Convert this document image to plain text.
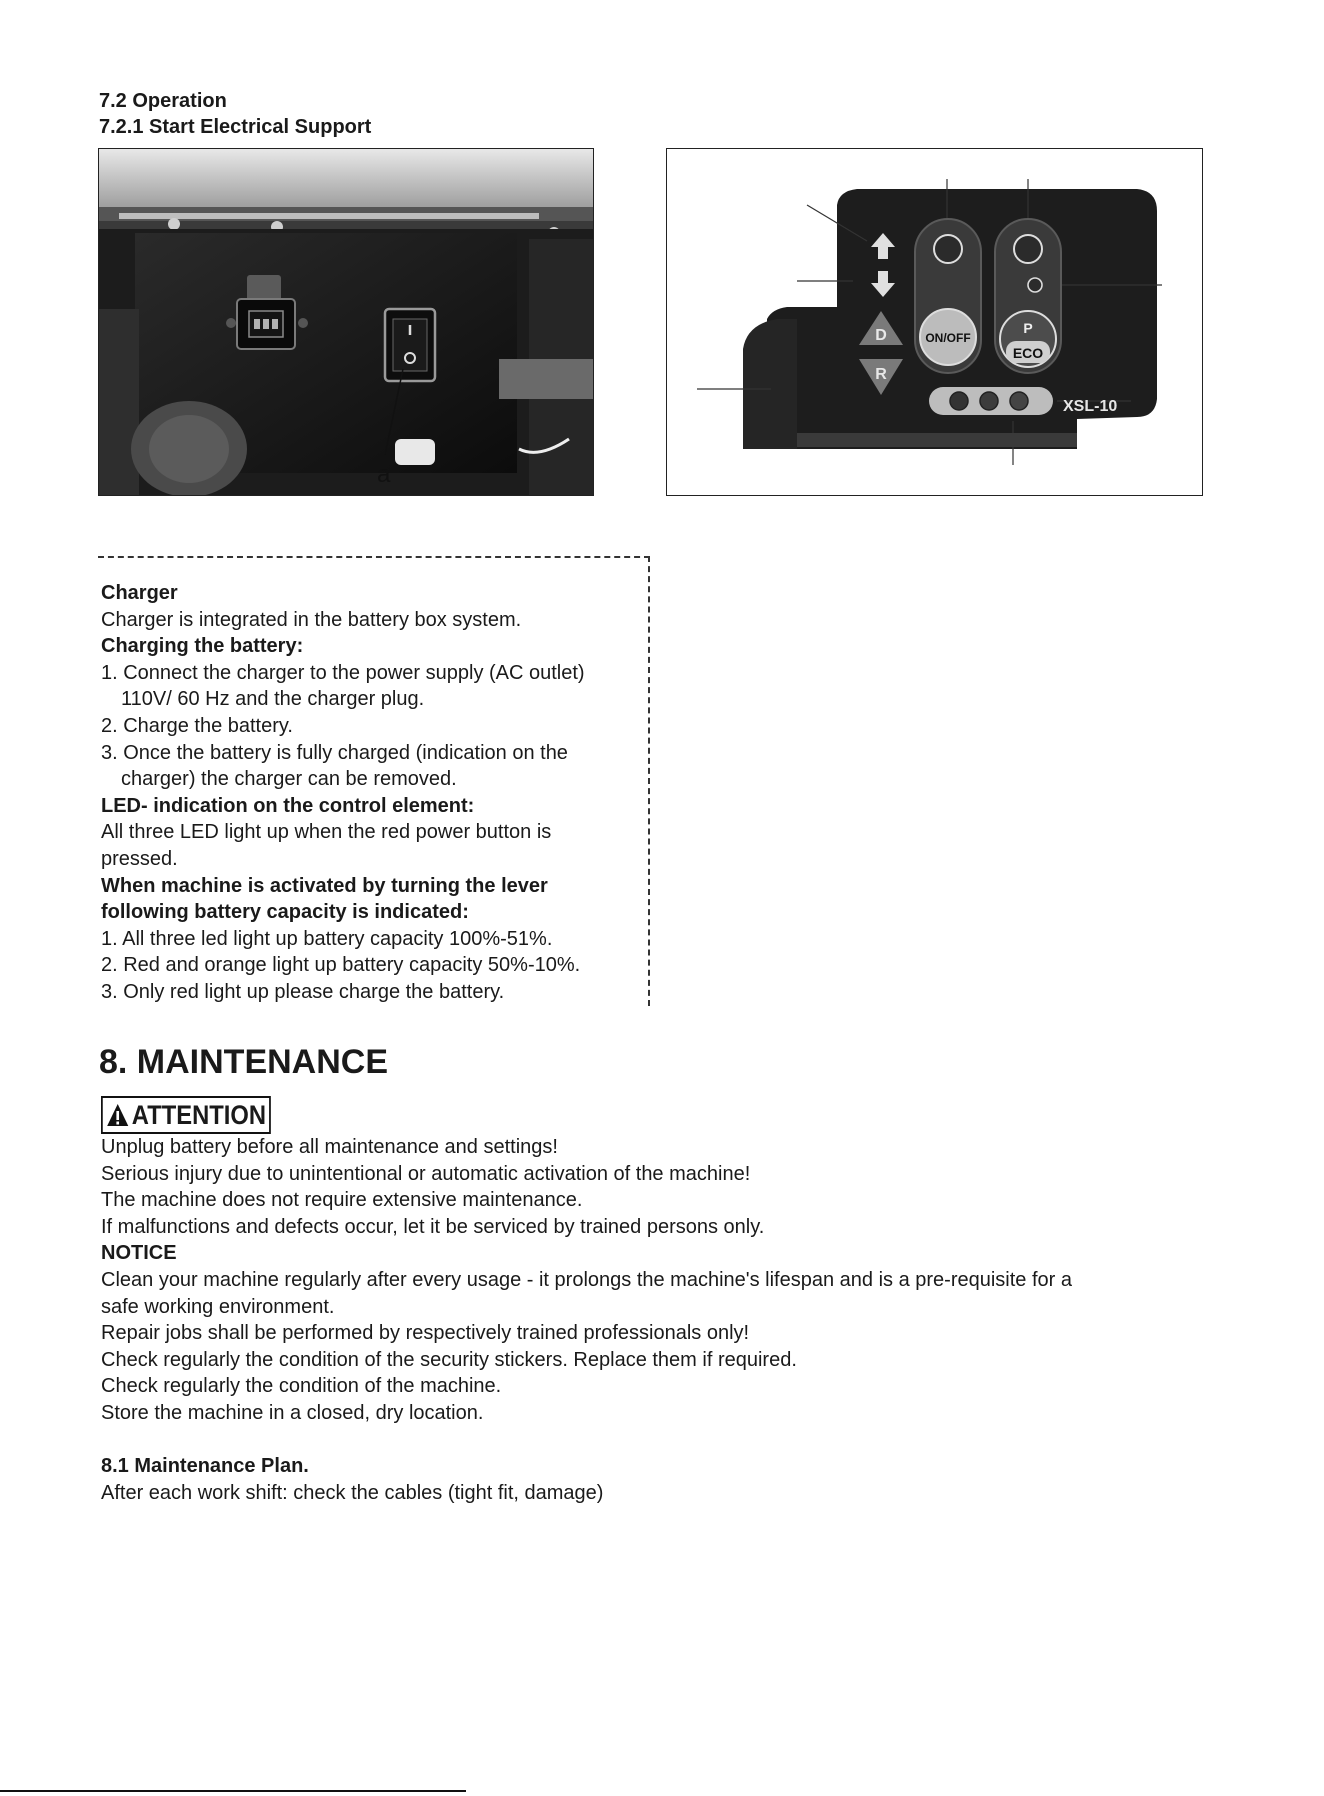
7.2 Operation
7.2.1 Start Electrical Support
a
D
R
ON/OFF
P
ECO
XSL-10
Charger
Charger is integrated in the battery box system.
Charging the battery:
1. Connect the charger to the power supply (AC outlet)
110V/ 60 Hz and the charger plug.
2. Charge the battery.
3. Once the battery is fully charged (indication on the
charger) the charger can be removed.
LED- indication on the control element:
All three LED light up when the red power button is
pressed.
When machine is activated by turning the lever
following battery capacity is indicated:
1. All three led light up battery capacity 100%-51%.
2. Red and orange light up battery capacity 50%-10%.
3. Only red light up please charge the battery.
8. MAINTENANCE
ATTENTION
Unplug battery before all maintenance and settings!
Serious injury due to unintentional or automatic activation of the machine!
The machine does not require extensive maintenance.
If malfunctions and defects occur, let it be serviced by trained persons only.
NOTICE
Clean your machine regularly after every usage - it prolongs the machine's lifespan and is a pre-requisite for a
safe working environment.
Repair jobs shall be performed by respectively trained professionals only!
Check regularly the condition of the security stickers. Replace them if required.
Check regularly the condition of the machine.
Store the machine in a closed, dry location.
8.1 Maintenance Plan.
After each work shift: check the cables (tight fit, damage)
